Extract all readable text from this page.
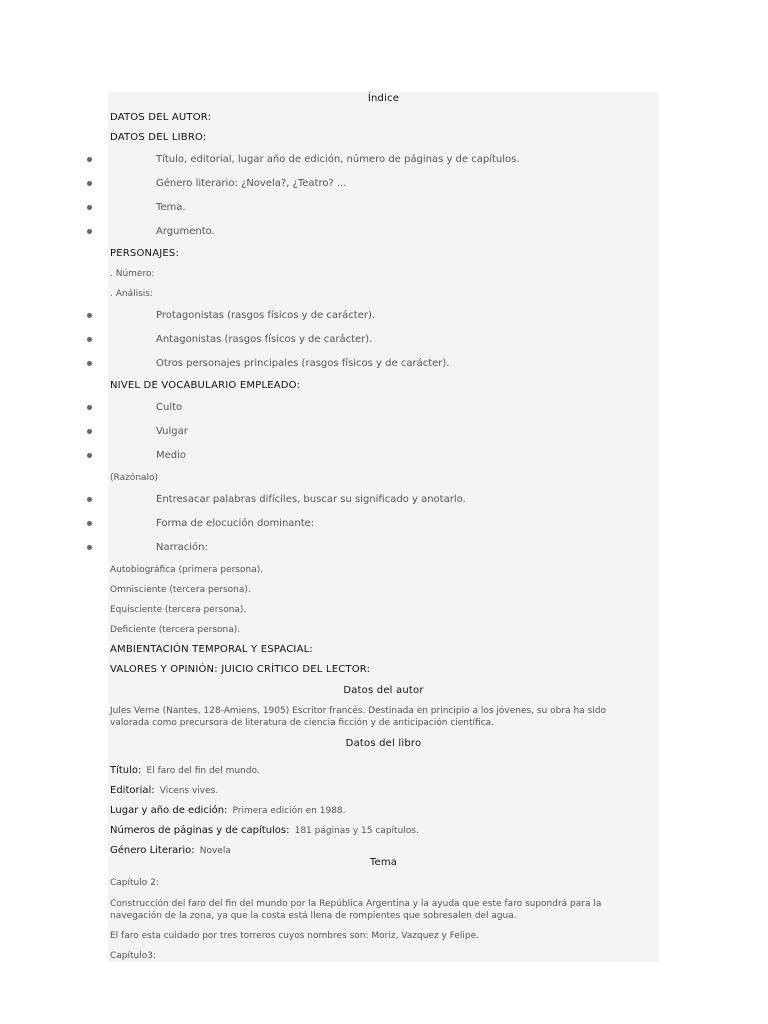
Índice
DATOS DEL AUTOR:
DATOS DEL LIBRO:
Título, editorial, lugar año de edición, número de páginas y de capítulos.
Género literario: ¿Novela?, ¿Teatro? ...
Tema.
Argumento.
PERSONAJES:
. Número:
. Análisis:
Protagonistas (rasgos físicos y de carácter).
Antagonistas (rasgos físicos y de carácter).
Otros personajes principales (rasgos físicos y de carácter).
NIVEL DE VOCABULARIO EMPLEADO:
Culto
Vulgar
Medio
(Razónalo)
Entresacar palabras difíciles, buscar su significado y anotarlo.
Forma de elocución dominante:
Narración:
Autobiográfica (primera persona).
Omnisciente (tercera persona).
Equisciente (tercera persona).
Deficiente (tercera persona).
AMBIENTACIÓN TEMPORAL Y ESPACIAL:
VALORES Y OPINIÓN: JUICIO CRÍTICO DEL LECTOR:
Datos del autor
Jules Verne (Nantes, 128-Amiens, 1905) Escritor francés. Destinada en principio a los jóvenes, su obra ha sido valorada como precursora de literatura de ciencia ficción y de anticipación científica.
Datos del libro
Título: El faro del fin del mundo.
Editorial: Vicens vives.
Lugar y año de edición: Primera edición en 1988.
Números de páginas y de capítulos: 181 páginas y 15 capítulos.
Género Literario: Novela
Tema
Capítulo 2:
Construcción del faro del fin del mundo por la República Argentina y la ayuda que este faro supondrá para la navegación de la zona, ya que la costa está llena de rompientes que sobresalen del agua.
El faro esta cuidado por tres torreros cuyos nombres son: Moriz, Vazquez y Felipe.
Capítulo3:
